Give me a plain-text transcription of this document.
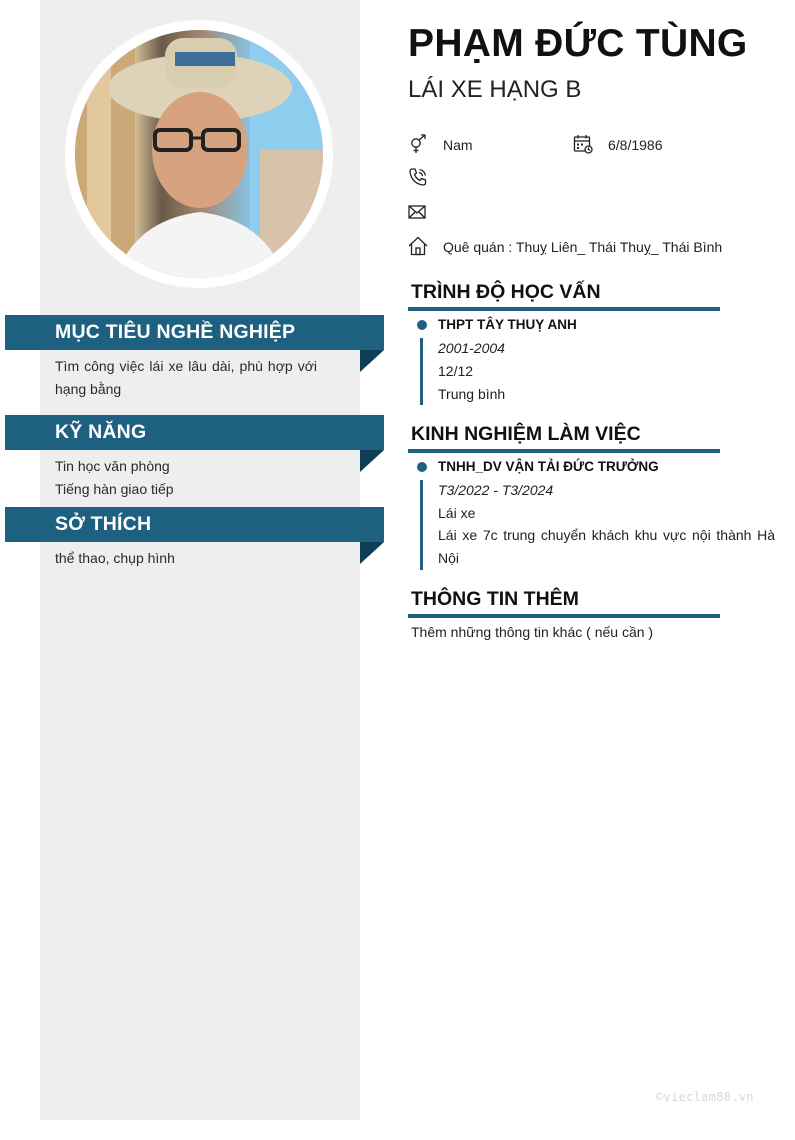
MỤC TIÊU NGHỀ NGHIỆP
Tìm công việc lái xe lâu dài, phù hợp với hạng bằng
KỸ NĂNG
Tin học văn phòng
Tiếng hàn giao tiếp
SỞ THÍCH
thể thao, chụp hình
PHẠM ĐỨC TÙNG
LÁI XE HẠNG B
Nam	6/8/1986
Quê quán : Thuỵ Liên_ Thái Thuỵ_ Thái Bình
TRÌNH ĐỘ HỌC VẤN
THPT TÂY THUỴ ANH
2001-2004
12/12
Trung bình
KINH NGHIỆM LÀM VIỆC
TNHH_DV VẬN TẢI ĐỨC TRƯỞNG
T3/2022 - T3/2024
Lái xe
Lái xe 7c trung chuyển khách khu vực nội thành Hà Nội
THÔNG TIN THÊM
Thêm những thông tin khác ( nếu cần )
©vieclam88.vn
